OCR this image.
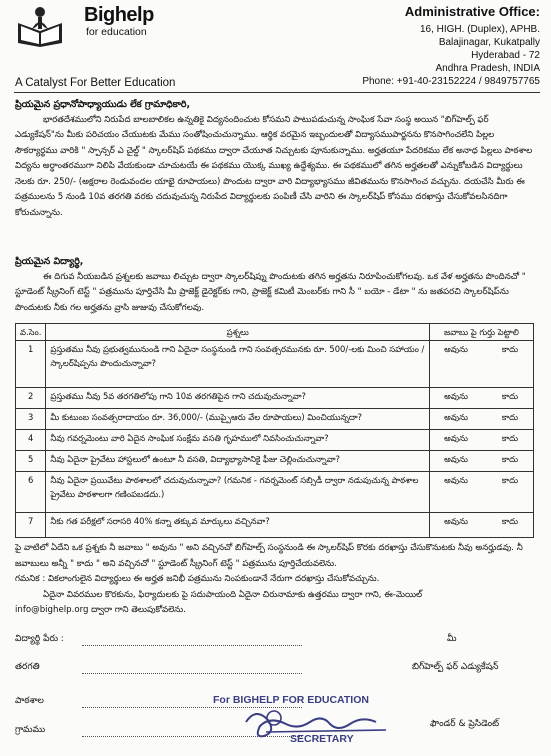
Bighelp
for education
A Catalyst For Better Education
Administrative Office:
16, HIGH. (Duplex), APHB.
Balajinagar, Kukatpally
Hyderabad - 72
Andhra Pradesh, INDIA
Phone: +91-40-23152224 / 9849757765
ప్రియమైన ప్రధానోపాధ్యాయుడు లేక గ్రామాధికారి,

భారతదేశములోని నిరుపేద బాలబాలికల ఉన్నతికై విద్యనందించుట కోసమని పాటుపడుచున్న సాంఘిక సేవా సంస్థ అయిన "బిగ్‌హెల్ప్ ఫర్ ఎడ్యుకేషన్"ను మీకు పరిచయం చేయుటకు మేము సంతోషించుచున్నాము. ఆర్థిక వరమైన ఇబ్బందులతో విద్యాసముపార్జనను కొనసాగించలేని పిల్లల సౌకర్యార్థము వారికి " స్పాన్సర్ ఎ చైల్డ్ " స్కాలర్‌షిప్ పథకము ద్వారా చేయూత నిచ్చుటకు పూనుకున్నాము. అర్హతయూ పేదరికము లేక అనాధ పిల్లలు పాఠశాల విద్యను అర్ధాంతరముగా నిలిపి వేయకుండా చూచుటయే ఈ పథకము యొక్క ముఖ్య ఉద్దేశ్యము. ఈ పథకములో తగిన అర్హతలతో ఎన్నుకోబడిన విద్యార్థులు నెలకు రూ. 250/- (అక్షరాల రెండువందల యాభై రూపాయలు) పొందుట ద్వారా వారి విద్యాభ్యాసము జీవితమును కొనసాగించ వచ్చును. దయచేసి మీరు ఈ పత్రములను 5 నుండి 10వ తరగతి వరకు చదువుచున్న నిరుపేద విద్యార్థులకు పంపిణీ చేసి వారిని ఈ స్కాలర్‌షిప్ కోసము దరఖాస్తు చేసుకోవలసినదిగా కోరుచున్నాను.

ప్రియమైన విద్యార్థి,

ఈ దిగువ నీయబడిన ప్రశ్నలకు జవాబు లిచ్చుట ద్వారా స్కాలర్‌షిప్ను పొందుటకు తగిన అర్హతను నిరూపించుకోగలవు. ఒక వేళ అర్హతను పొందినచో " స్టూడెంట్ స్క్రీనింగ్ టెస్ట్ " పత్రమును పూర్తిచేసి మీ ప్రాజెక్ట్ డైరెక్టర్‌కు గాని, ప్రాజెక్ట్ కమిటీ మెంబర్‌కు గాని సీ " బయో - డేటా " ను జతపరచి స్కాలర్‌షిప్‌ను పొందుటకు నీకు గల అర్హతను వ్రాసి జుజువు చేసుకోగలవు.

వ.సెం.	ప్రశ్నలు	జవాబు పై గుర్తు పెట్టాలి
1	ప్రస్తుతము నీవు ప్రభుత్వమునుండి గాని ఏదైనా సంస్థనుండి గాని సంవత్సరమునకు రూ. 500/-లకు మించి సహాయం / స్కాలర్‌షిప్పను పొందుచున్నావా?	అవును కాదు
2	ప్రస్తుతము నీవు 5వ తరగతిలోపు గాని 10వ తరగతిపైన గాని చదువుచున్నావా?	అవును కాదు
3	మీ కుటుంబ సంవత్సరాదాయం రూ. 36,000/- (ముప్పైఆరు వేల రూపాయలు) మించియున్నదా?	అవును కాదు
4	నీవు గవర్నమెంటు వారి ఏదైన సాంఘిక సంక్షేమ వసతి గృహములో నివసించుచున్నావా?	అవును కాదు
5	నీవు ఏదైనా ప్రైవేటు హాస్టలులో ఉంటూ నీ వసతి, విద్యాభ్యాసానికై ఫీజు చెల్లించుచున్నావా?	అవును కాదు
6	నీవు ఏదైనా ప్రయివేటు పాఠశాలలో చదువుచున్నావా? (గమనిక - గవర్నమెంట్ సబ్సిడీ ద్వారా నడుపుచున్న పాఠశాల ప్రైవేటు పాఠశాలగా గణింపబడదు.)	అవును కాదు
7	నీకు గత పరీక్షలో సరాసరి 40% కన్నా తక్కువ మార్కులు వచ్చినవా?	అవును కాదు

పై వాటిలో ఏదేని ఒక ప్రశ్నకు నీ జవాబు " అవును " అని వచ్చినచో బిగ్‌హెల్ప్ సంస్థనుండి ఈ స్కాలర్‌షిప్ కొరకు దరఖాస్తు చేసుకొనుటకు నీవు అనర్హుడవు. నీ జవాబులు అన్నీ " కాదు " అని వచ్చినచో " స్టూడెంట్ స్క్రీనింగ్ టెస్ట్ " పత్రమును పూర్తిచేయవలెను.

గమనిక : వికలాంగులైన విద్యార్థులు ఈ అర్హత జనిభీ పత్రమును నింపకుండానే నేరుగా దరఖాస్తు చేసుకోవచ్చును.
ఏదైనా వివరముల కొరకును, ఫిర్యాదులకు పై సదుపాయంది ఏదైనా చిరునామాకు ఉత్తరము ద్వారా గాని, ఈ-మెయిల్
info@bighelp.org ద్వారా గాని తెలుపుకోవలెను.
విద్యార్థి పేరు :
తరగతి
పాఠశాల
గ్రామము
మీ
బిగ్‌హెల్ప్ ఫర్ ఎడ్యుకేషన్
ఫౌండర్ & ప్రెసిడెంట్
For BIGHELP FOR EDUCATION
SECRETARY
